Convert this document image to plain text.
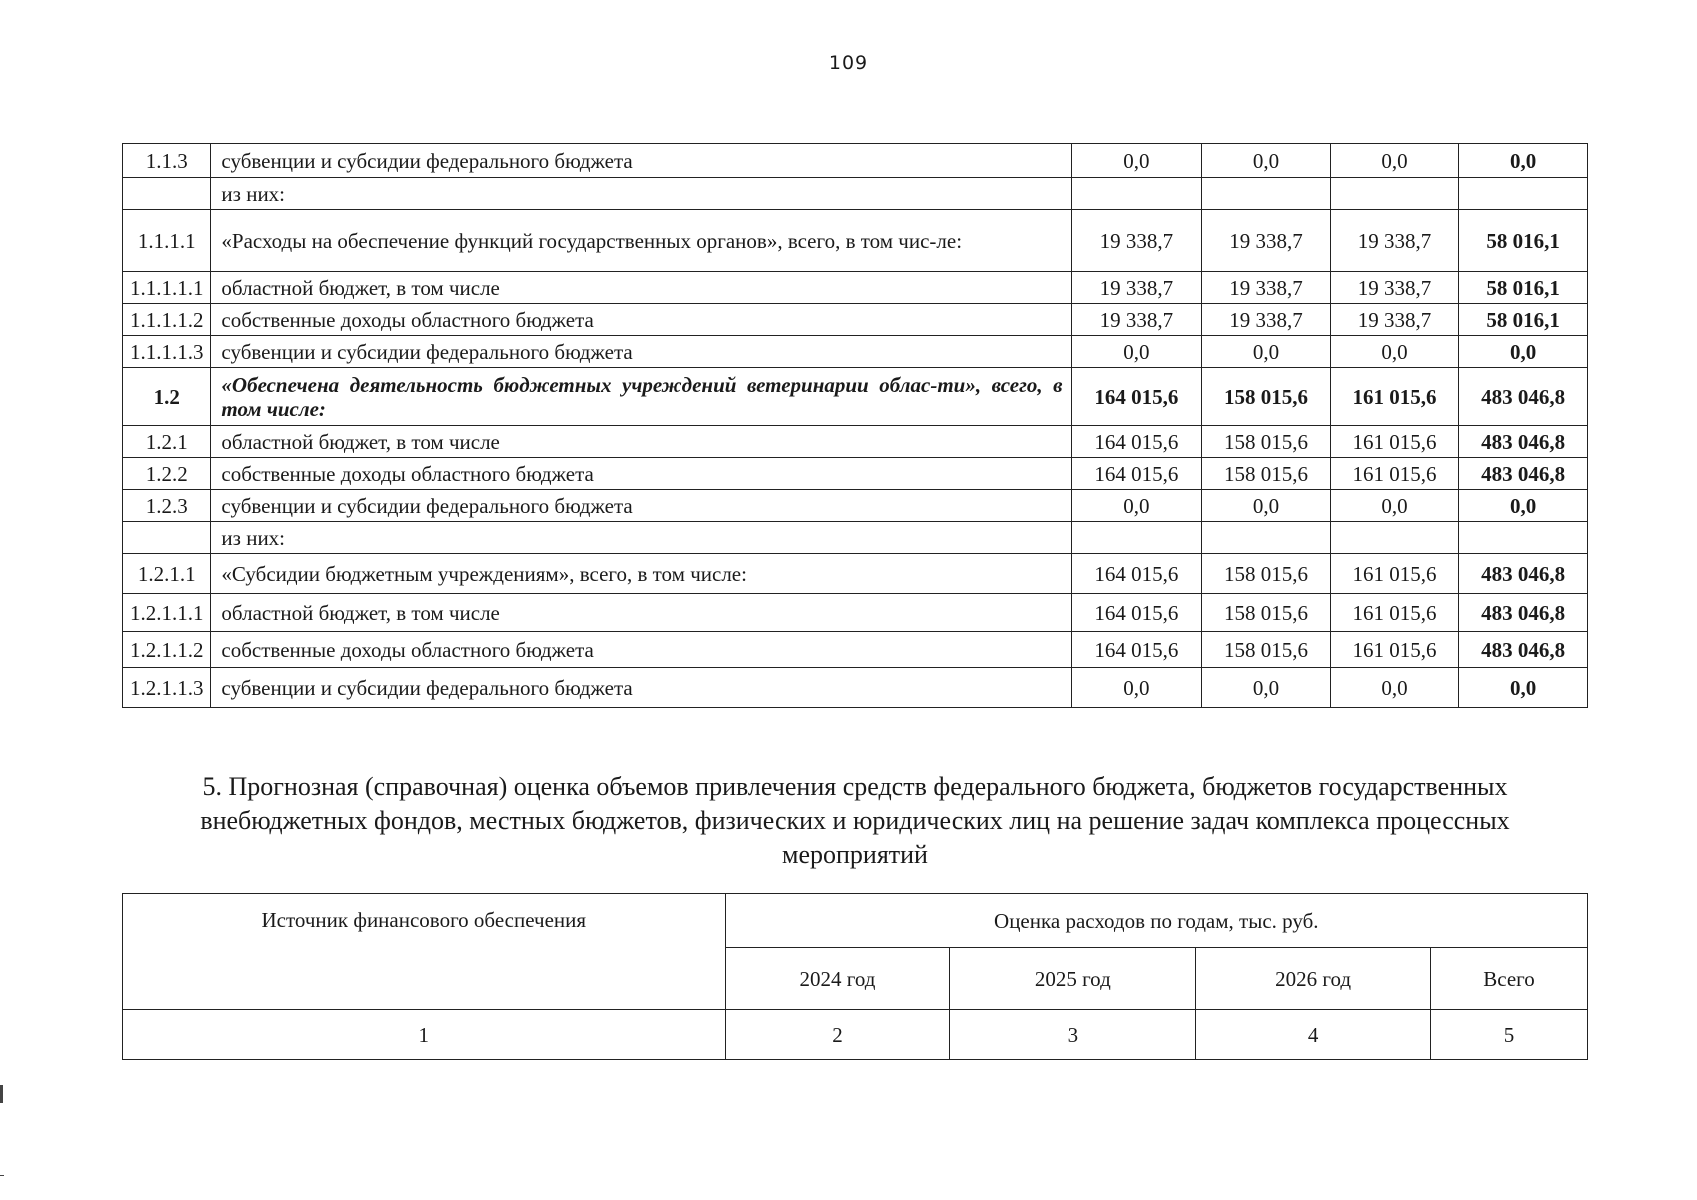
109
1.1.3	субвенции и субсидии федерального бюджета	0,0	0,0	0,0	0,0
	из них:				
1.1.1.1	«Расходы на обеспечение функций государственных органов», всего, в том чис-ле:	19 338,7	19 338,7	19 338,7	58 016,1
1.1.1.1.1	областной бюджет, в том числе	19 338,7	19 338,7	19 338,7	58 016,1
1.1.1.1.2	собственные доходы областного бюджета	19 338,7	19 338,7	19 338,7	58 016,1
1.1.1.1.3	субвенции и субсидии федерального бюджета	0,0	0,0	0,0	0,0
1.2	«Обеспечена деятельность бюджетных учреждений ветеринарии облас-ти», всего, в том числе:	164 015,6	158 015,6	161 015,6	483 046,8
1.2.1	областной бюджет, в том числе	164 015,6	158 015,6	161 015,6	483 046,8
1.2.2	собственные доходы областного бюджета	164 015,6	158 015,6	161 015,6	483 046,8
1.2.3	субвенции и субсидии федерального бюджета	0,0	0,0	0,0	0,0
	из них:				
1.2.1.1	«Субсидии бюджетным учреждениям», всего, в том числе:	164 015,6	158 015,6	161 015,6	483 046,8
1.2.1.1.1	областной бюджет, в том числе	164 015,6	158 015,6	161 015,6	483 046,8
1.2.1.1.2	собственные доходы областного бюджета	164 015,6	158 015,6	161 015,6	483 046,8
1.2.1.1.3	субвенции и субсидии федерального бюджета	0,0	0,0	0,0	0,0
5. Прогнозная (справочная) оценка объемов привлечения средств федерального бюджета, бюджетов государственных
внебюджетных фондов, местных бюджетов, физических и юридических лиц на решение задач комплекса процессных
мероприятий
Источник финансового обеспечения	Оценка расходов по годам, тыс. руб.			
	2024 год	2025 год	2026 год	Всего
1	2	3	4	5
